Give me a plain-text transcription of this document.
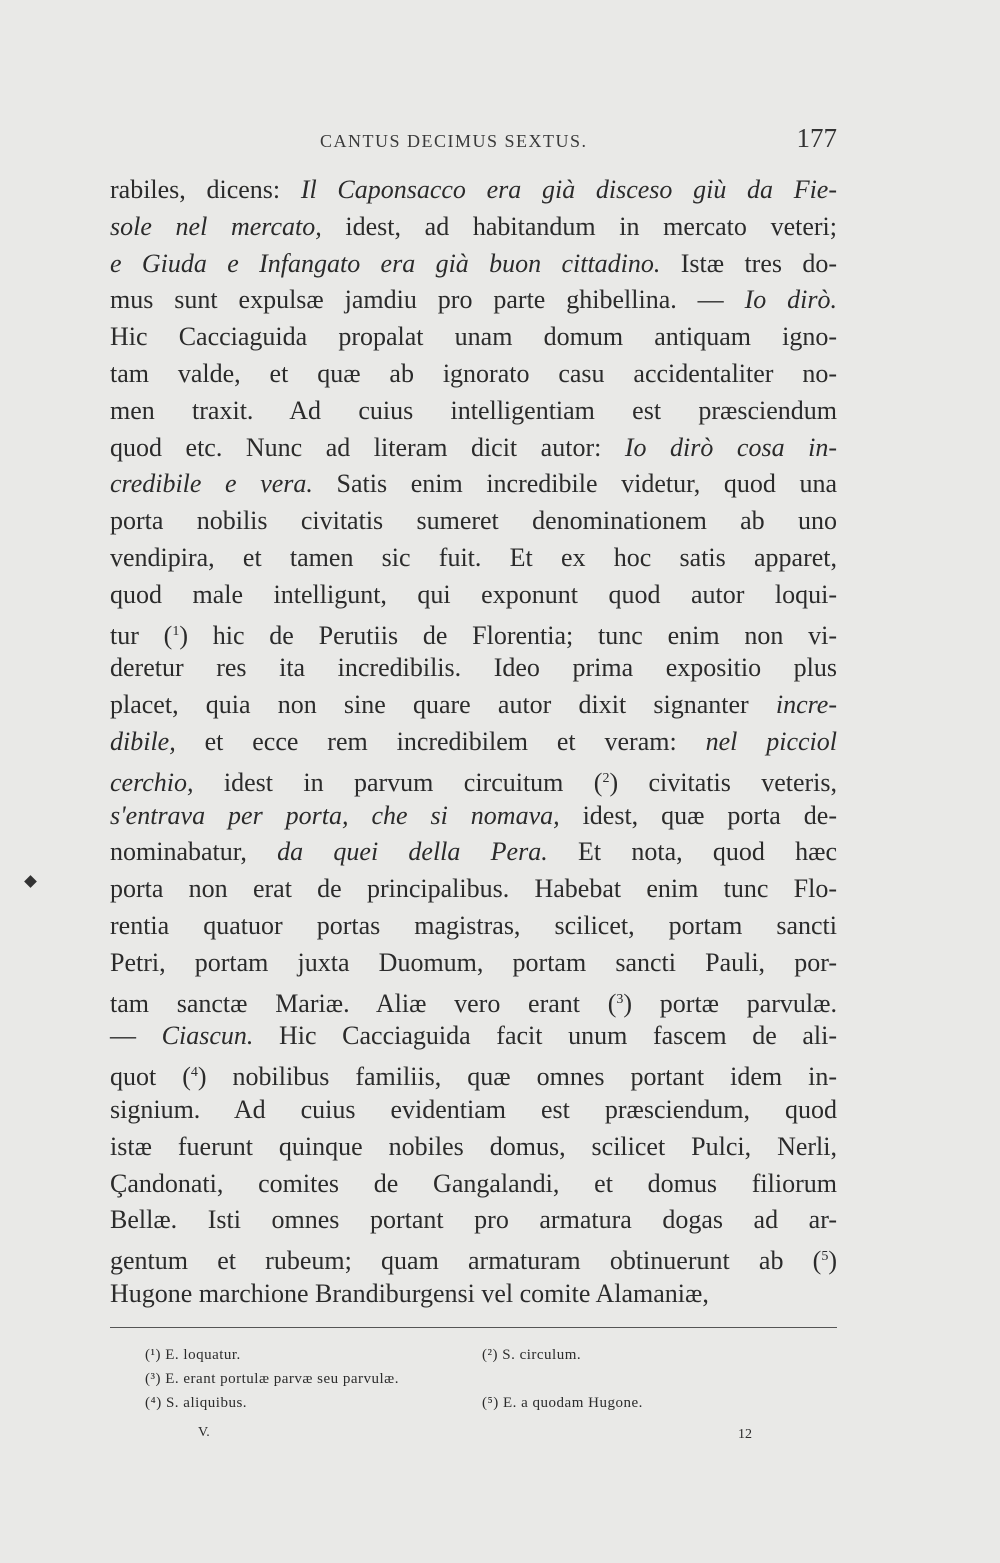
CANTUS DECIMUS SEXTUS.	177
rabiles, dicens: Il Caponsacco era già disceso giù da Fie-
sole nel mercato, idest, ad habitandum in mercato veteri;
e Giuda e Infangato era già buon cittadino. Istæ tres do-
mus sunt expulsæ jamdiu pro parte ghibellina. — Io dirò.
Hic Cacciaguida propalat unam domum antiquam igno-
tam valde, et quæ ab ignorato casu accidentaliter no-
men traxit. Ad cuius intelligentiam est præsciendum
quod etc. Nunc ad literam dicit autor: Io dirò cosa in-
credibile e vera. Satis enim incredibile videtur, quod una
porta nobilis civitatis sumeret denominationem ab uno
vendipira, et tamen sic fuit. Et ex hoc satis apparet,
quod male intelligunt, qui exponunt quod autor loqui-
tur ($^1$) hic de Perutiis de Florentia; tunc enim non vi-
deretur res ita incredibilis. Ideo prima expositio plus
placet, quia non sine quare autor dixit signanter incre-
dibile, et ecce rem incredibilem et veram: nel picciol
cerchio, idest in parvum circuitum ($^2$) civitatis veteris,
s'entrava per porta, che si nomava, idest, quæ porta de-
nominabatur, da quei della Pera. Et nota, quod hæc
porta non erat de principalibus. Habebat enim tunc Flo-
rentia quatuor portas magistras, scilicet, portam sancti
Petri, portam juxta Duomum, portam sancti Pauli, por-
tam sanctæ Mariæ. Aliæ vero erant ($^3$) portæ parvulæ.
— Ciascun. Hic Cacciaguida facit unum fascem de ali-
quot ($^4$) nobilibus familiis, quæ omnes portant idem in-
signium. Ad cuius evidentiam est præsciendum, quod
istæ fuerunt quinque nobiles domus, scilicet Pulci, Nerli,
Çandonati, comites de Gangalandi, et domus filiorum
Bellæ. Isti omnes portant pro armatura dogas ad ar-
gentum et rubeum; quam armaturam obtinuerunt ab ($^5$)
Hugone marchione Brandiburgensi vel comite Alamaniæ,
(¹) E. loquatur.	(²) S. circulum.
(³) E. erant portulæ parvæ seu parvulæ.
(⁴) S. aliquibus.	(⁵) E. a quodam Hugone.
V.	12
